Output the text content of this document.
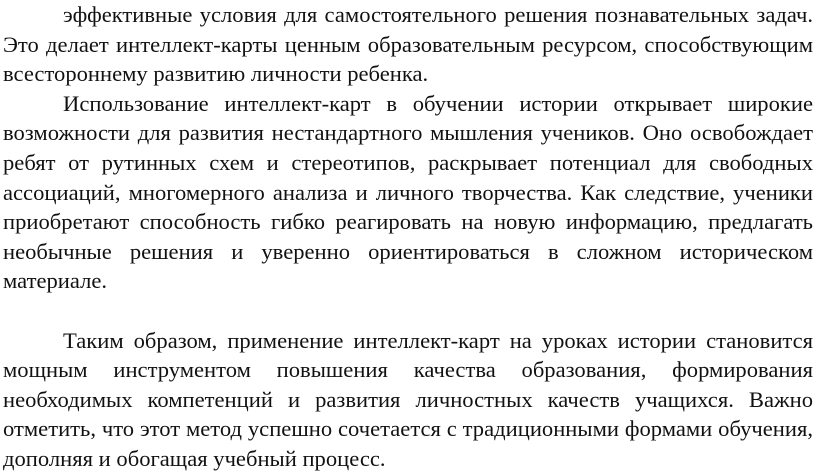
эффективные условия для самостоятельного решения познавательных задач. Это делает интеллект-карты ценным образовательным ресурсом, способствующим всестороннему развитию личности ребенка.

Использование интеллект-карт в обучении истории открывает широкие возможности для развития нестандартного мышления учеников. Оно освобождает ребят от рутинных схем и стереотипов, раскрывает потенциал для свободных ассоциаций, многомерного анализа и личного творчества. Как следствие, ученики приобретают способность гибко реагировать на новую информацию, предлагать необычные решения и уверенно ориентироваться в сложном историческом материале.

Таким образом, применение интеллект-карт на уроках истории становится мощным инструментом повышения качества образования, формирования необходимых компетенций и развития личностных качеств учащихся. Важно отметить, что этот метод успешно сочетается с традиционными формами обучения, дополняя и обогащая учебный процесс.
